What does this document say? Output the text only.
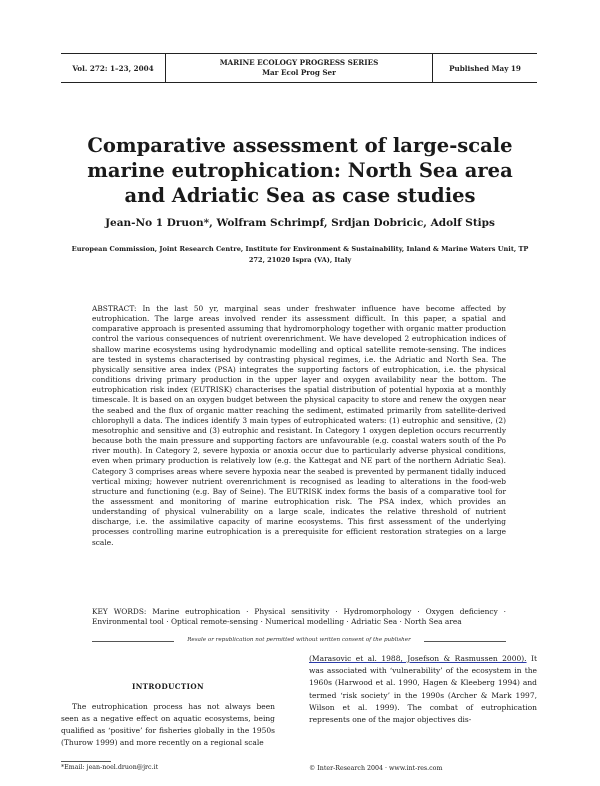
Vol. 272: 1–23, 2004
MARINE ECOLOGY PROGRESS SERIES
Mar Ecol Prog Ser	Published May 19
Comparative assessment of large-scale marine eutrophication: North Sea area and Adriatic Sea as case studies
Jean-No 1 Druon*, Wolfram Schrimpf, Srdjan Dobricic, Adolf Stips
European Commission, Joint Research Centre, Institute for Environment & Sustainability, Inland & Marine Waters Unit, TP 272, 21020 Ispra (VA), Italy

ABSTRACT: In the last 50 yr, marginal seas under freshwater influence have become affected by eutrophication. The large areas involved render its assessment difficult. In this paper, a spatial and comparative approach is presented assuming that hydromorphology together with organic matter production control the various consequences of nutrient overenrichment. We have developed 2 eutrophication indices of shallow marine ecosystems using hydrodynamic modelling and optical satellite remote-sensing. The indices are tested in systems characterised by contrasting physical regimes, i.e. the Adriatic and North Sea. The physically sensitive area index (PSA) integrates the supporting factors of eutrophication, i.e. the physical conditions driving primary production in the upper layer and oxygen availability near the bottom. The eutrophication risk index (EUTRISK) characterises the spatial distribution of potential hypoxia at a monthly timescale. It is based on an oxygen budget between the physical capacity to store and renew the oxygen near the seabed and the flux of organic matter reaching the sediment, estimated primarily from satellite-derived chlorophyll a data. The indices identify 3 main types of eutrophicated waters: (1) eutrophic and sensitive, (2) mesotrophic and sensitive and (3) eutrophic and resistant. In Category 1 oxygen depletion occurs recurrently because both the main pressure and supporting factors are unfavourable (e.g. coastal waters south of the Po river mouth). In Category 2, severe hypoxia or anoxia occur due to particularly adverse physical conditions, even when primary production is relatively low (e.g. the Kattegat and NE part of the northern Adriatic Sea). Category 3 comprises areas where severe hypoxia near the seabed is prevented by permanent tidally induced vertical mixing; however nutrient overenrichment is recognised as leading to alterations in the food-web structure and functioning (e.g. Bay of Seine). The EUTRISK index forms the basis of a comparative tool for the assessment and monitoring of marine eutrophication risk. The PSA index, which provides an understanding of physical vulnerability on a large scale, indicates the relative threshold of nutrient discharge, i.e. the assimilative capacity of marine ecosystems. This first assessment of the underlying processes controlling marine eutrophication is a prerequisite for efficient restoration strategies on a large scale.

KEY WORDS: Marine eutrophication · Physical sensitivity · Hydromorphology · Oxygen deficiency · Environmental tool · Optical remote-sensing · Numerical modelling · Adriatic Sea · North Sea area

Resale or republication not permitted without written consent of the publisher
INTRODUCTION

The eutrophication process has not always been seen as a negative effect on aquatic ecosystems, being qualified as ‘positive’ for fisheries globally in the 1950s (Thurow 1999) and more recently on a regional scale

(Marasovic et al. 1988, Josefson & Rasmussen 2000). It was associated with ‘vulnerability’ of the ecosystem in the 1960s (Harwood et al. 1990, Hagen & Kleeberg 1994) and termed ‘risk society’ in the 1990s (Archer & Mark 1997, Wilson et al. 1999). The combat of eutrophication represents one of the major objectives dis-

*Email: jean-noel.druon@jrc.it	© Inter-Research 2004 · www.int-res.com
